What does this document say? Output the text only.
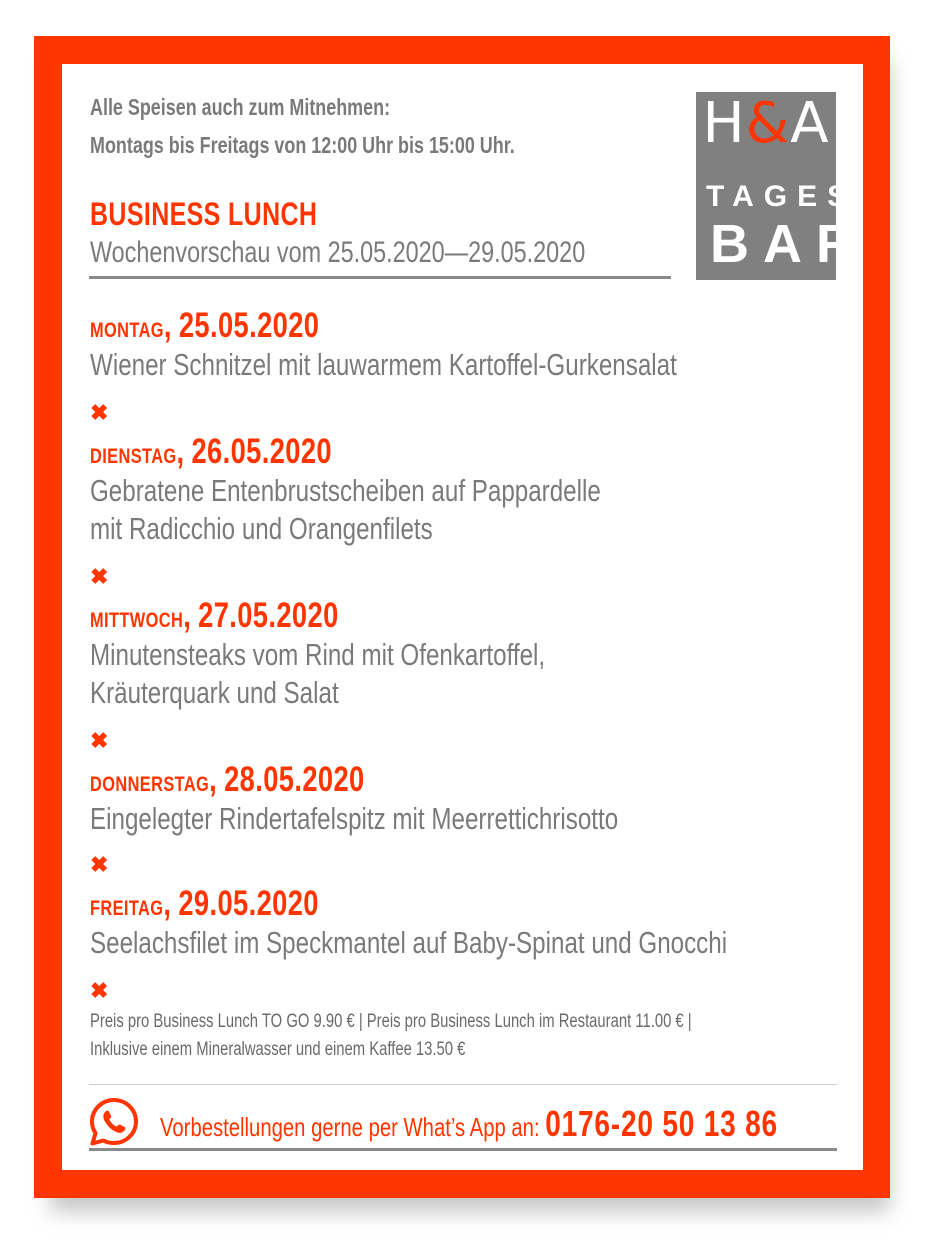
Alle Speisen auch zum Mitnehmen:
Montags bis Freitags von 12:00 Uhr bis 15:00 Uhr.
BUSINESS LUNCH
Wochenvorschau vom 25.05.2020—29.05.2020
H&A
TAGES
BAR
MONTAG, 25.05.2020
Wiener Schnitzel mit lauwarmem Kartoffel-Gurkensalat
✖
DIENSTAG, 26.05.2020
Gebratene Entenbrustscheiben auf Pappardelle
mit Radicchio und Orangenfilets
✖
MITTWOCH, 27.05.2020
Minutensteaks vom Rind mit Ofenkartoffel,
Kräuterquark und Salat
✖
DONNERSTAG, 28.05.2020
Eingelegter Rindertafelspitz mit Meerrettichrisotto
✖
FREITAG, 29.05.2020
Seelachsfilet im Speckmantel auf Baby-Spinat und Gnocchi
✖
Preis pro Business Lunch TO GO 9.90 € | Preis pro Business Lunch im Restaurant 11.00 € |
Inklusive einem Mineralwasser und einem Kaffee 13.50 €
Vorbestellungen gerne per What’s App an: 0176-20 50 13 86
